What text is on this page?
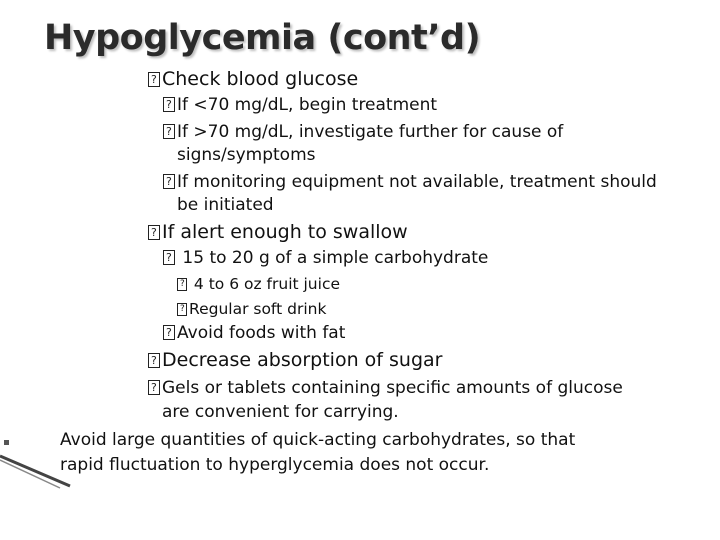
Hypoglycemia (cont’d)
?Check blood glucose
?If <70 mg/dL, begin treatment
?If >70 mg/dL, investigate further for cause of
signs/symptoms
?If monitoring equipment not available, treatment should
be initiated
?If alert enough to swallow
? 15 to 20 g of a simple carbohydrate
? 4 to 6 oz fruit juice
?Regular soft drink
?Avoid foods with fat
?Decrease absorption of sugar
?Gels or tablets containing specific amounts of glucose
are convenient for carrying.
Avoid large quantities of quick-acting carbohydrates, so that
rapid fluctuation to hyperglycemia does not occur.
